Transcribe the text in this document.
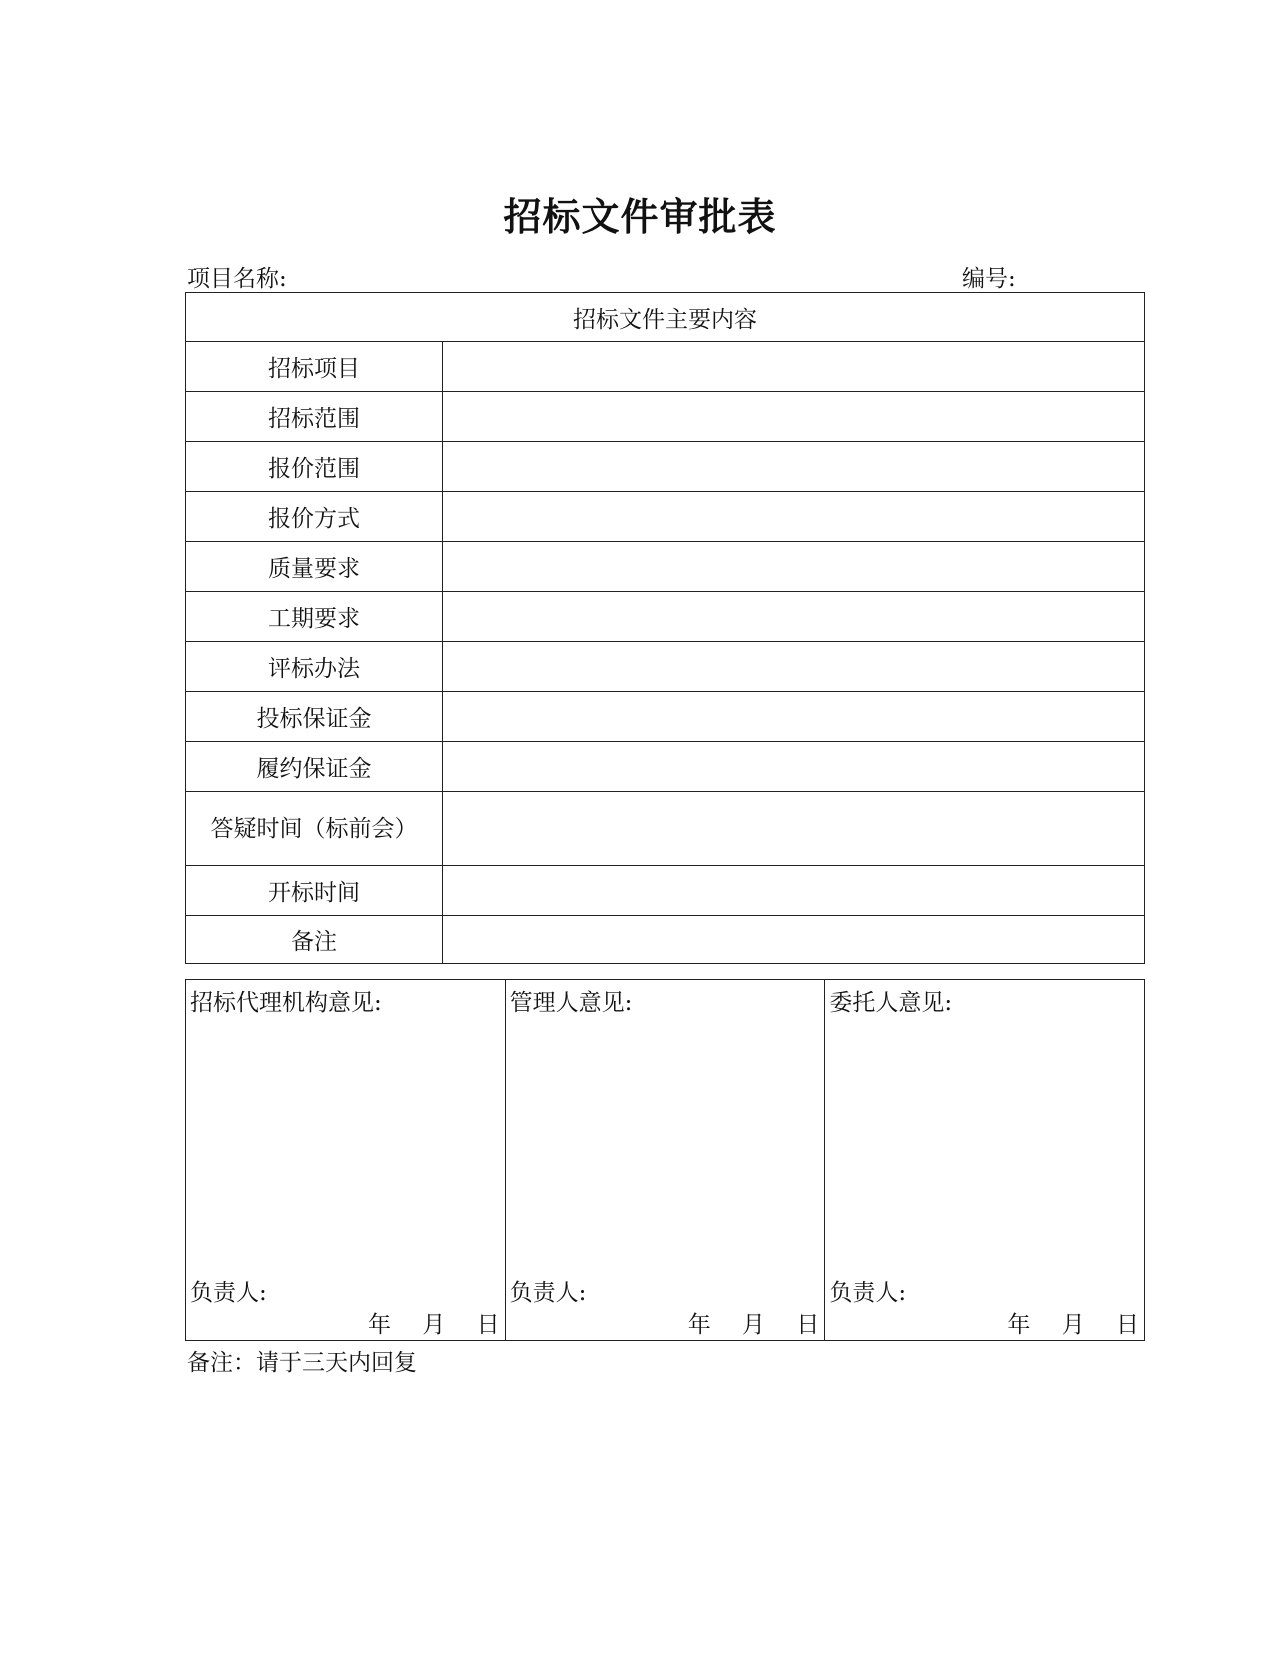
招标文件审批表
项目名称:	编号:
招标文件主要内容	
招标项目	
招标范围	
报价范围	
报价方式	
质量要求	
工期要求	
评标办法	
投标保证金	
履约保证金	
答疑时间（标前会）	
开标时间	
备注	
招标代理机构意见:
负责人:
年 月 日
管理人意见:
负责人:
年 月 日
委托人意见:
负责人:
年 月 日
备注：请于三天内回复
